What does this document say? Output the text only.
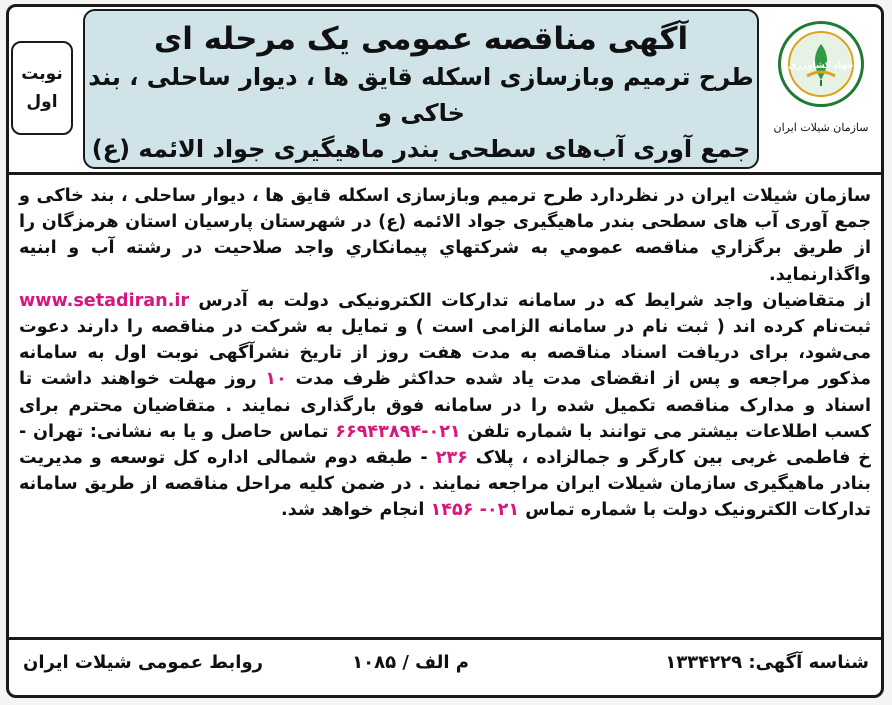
نوبت
اول
آگهی مناقصه عمومی یک مرحله ای
طرح ترمیم وبازسازی اسکله قایق ها ، دیوار ساحلی ، بند خاکی و
جمع آوری آب‌های سطحی بندر ماهیگیری جواد الائمه (ع)
جهاد کشاورزی
سازمان شیلات ایران

سازمان شیلات ایران در نظردارد طرح ترمیم وبازسازی اسکله قایق ها ، دیوار ساحلی ، بند خاکی و جمع آوری آب های سطحی بندر ماهیگیری جواد الائمه (ع) در شهرستان پارسیان استان هرمزگان را از طريق برگزاري مناقصه عمومي به شركتهاي پيمانكاري واجد صلاحيت در رشته آب و ابنيه واگذارنمايد.

از متقاضیان واجد شرایط که در سامانه تدارکات الکترونیکی دولت به آدرس www.setadiran.ir ثبت‌نام کرده اند ( ثبت نام در سامانه الزامی است ) و تمایل به شرکت در مناقصه را دارند دعوت می‌شود، برای دریافت اسناد مناقصه به مدت هفت روز از تاریخ نشرآگهی نوبت اول به سامانه مذکور مراجعه و پس از انقضای مدت یاد شده حداکثر ظرف مدت ۱۰ روز مهلت خواهند داشت تا اسناد و مدارک مناقصه تکمیل شده را در سامانه فوق بارگذاری نمایند . متقاضیان محترم برای کسب اطلاعات بیشتر می توانند با شماره تلفن ۰۲۱-۶۶۹۴۳۸۹۴ تماس حاصل و یا به نشانی: تهران - خ فاطمی غربی بین کارگر و جمالزاده ، پلاک ۲۳۶ - طبقه دوم شمالی اداره کل توسعه و مدیریت بنادر ماهیگیری سازمان شیلات ایران مراجعه نمایند . در ضمن کلیه مراحل مناقصه از طریق سامانه تدارکات الکترونیک دولت با شماره تماس ۰۲۱- ۱۴۵۶ انجام خواهد شد.

شناسه آگهی: ۱۳۳۴۲۲۹
م الف / ۱۰۸۵
روابط عمومی شیلات ایران
